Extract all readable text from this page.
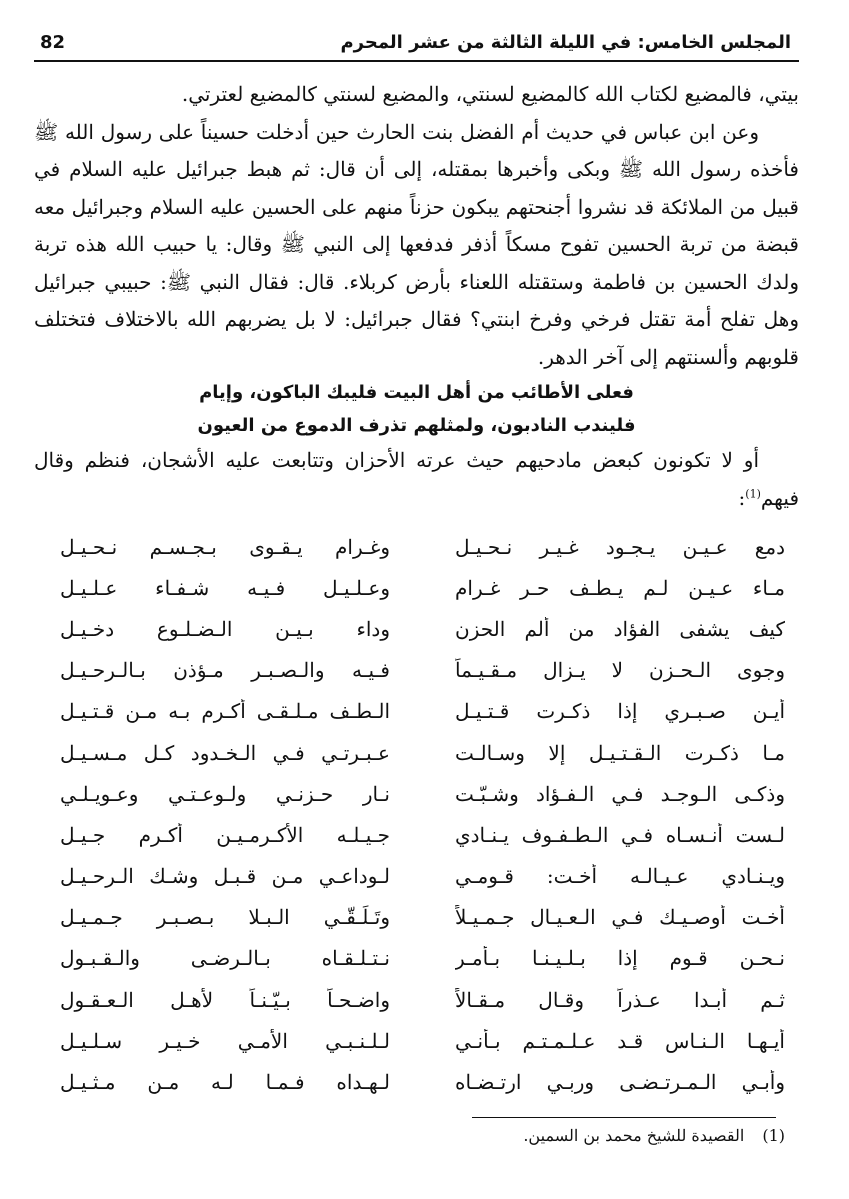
المجلس الخامس: في الليلة الثالثة من عشر المحرم
82

بيتي، فالمضيع لكتاب الله كالمضيع لسنتي، والمضيع لسنتي كالمضيع لعترتي.

وعن ابن عباس في حديث أم الفضل بنت الحارث حين أدخلت حسيناً على رسول الله ﷺ فأخذه رسول الله ﷺ وبكى وأخبرها بمقتله، إلى أن قال: ثم هبط جبرائيل عليه السلام في قبيل من الملائكة قد نشروا أجنحتهم يبكون حزناً منهم على الحسين عليه السلام وجبرائيل معه قبضة من تربة الحسين تفوح مسكاً أذفر فدفعها إلى النبي ﷺ وقال: يا حبيب الله هذه تربة ولدك الحسين بن فاطمة وستقتله اللعناء بأرض كربلاء. قال: فقال النبي ﷺ: حبيبي جبرائيل وهل تفلح أمة تقتل فرخي وفرخ ابنتي؟ فقال جبرائيل: لا بل يضربهم الله بالاختلاف فتختلف قلوبهم وألسنتهم إلى آخر الدهر.

فعلى الأطائب من أهل البيت فليبك الباكون، وإيام

فليندب النادبون، ولمثلهم تذرف الدموع من العيون

أو لا تكونون كبعض مادحيهم حيث عرته الأحزان وتتابعت عليه الأشجان، فنظم وقال فيهم$^{(1)}$:

دمع عـيـن يـجـود غـيـر نـحـيـل
وغـرام يـقـوى بـجـسـم نـحـيـل
مـاء عـيـن لـم يـطـف حـر غـرام
وعـلـيـل فـيـه شـفـاء عـلـيـل
كيف يشفى الفؤاد من ألم الحزن
وداء بـيـن الـضـلـوع دخـيـل
وجوى الـحـزن لا يـزال مـقـيـماً
فـيـه والـصـبـر مـؤذن بـالـرحـيـل
أيـن صـبـري إذا ذكـرت قـتـيـل
الـطـف مـلـقـى أكـرم بـه مـن قـتـيـل
مـا ذكـرت الـقـتـيـل إلا وسـالـت
عـبـرتـي فـي الـخـدود كـل مـسـيـل
وذكـى الـوجـد فـي الـفـؤاد وشـبّـت
نـار حـزنـي ولـوعـتـي وعـويـلـي
لـست أنـسـاه فـي الـطـفـوف يـنـادي
جـيـلـه الأكـرمـيـن أكـرم جـيـل
ويـنـادي عـيـالـه أخـت: قـومـي
لـوداعـي مـن قـبـل وشـك الـرحـيـل
أخـت أوصـيـك فـي الـعـيـال جـمـيـلاً
وتَـلَـقّـي الـبـلا بـصـبـر جـمـيـل
نـحـن قـوم إذا بـلـيـنـا بـأمـر
نـتـلـقـاه بـالـرضـى والـقـبـول
ثـم أبـدا عـذراً وقـال مـقـالاً
واضـحـاً بـيّـنـاً لأهـل الـعـقـول
أيـهـا الـنـاس قـد عـلـمـتـم بـأنـي
لـلـنـبـي الأمـي خـيـر سـلـيـل
وأبـي الـمـرتـضـى وربـي ارتـضـاه
لـهـداه فـمـا لـه مـن مـثـيـل
(1)القصيدة للشيخ محمد بن السمين.
